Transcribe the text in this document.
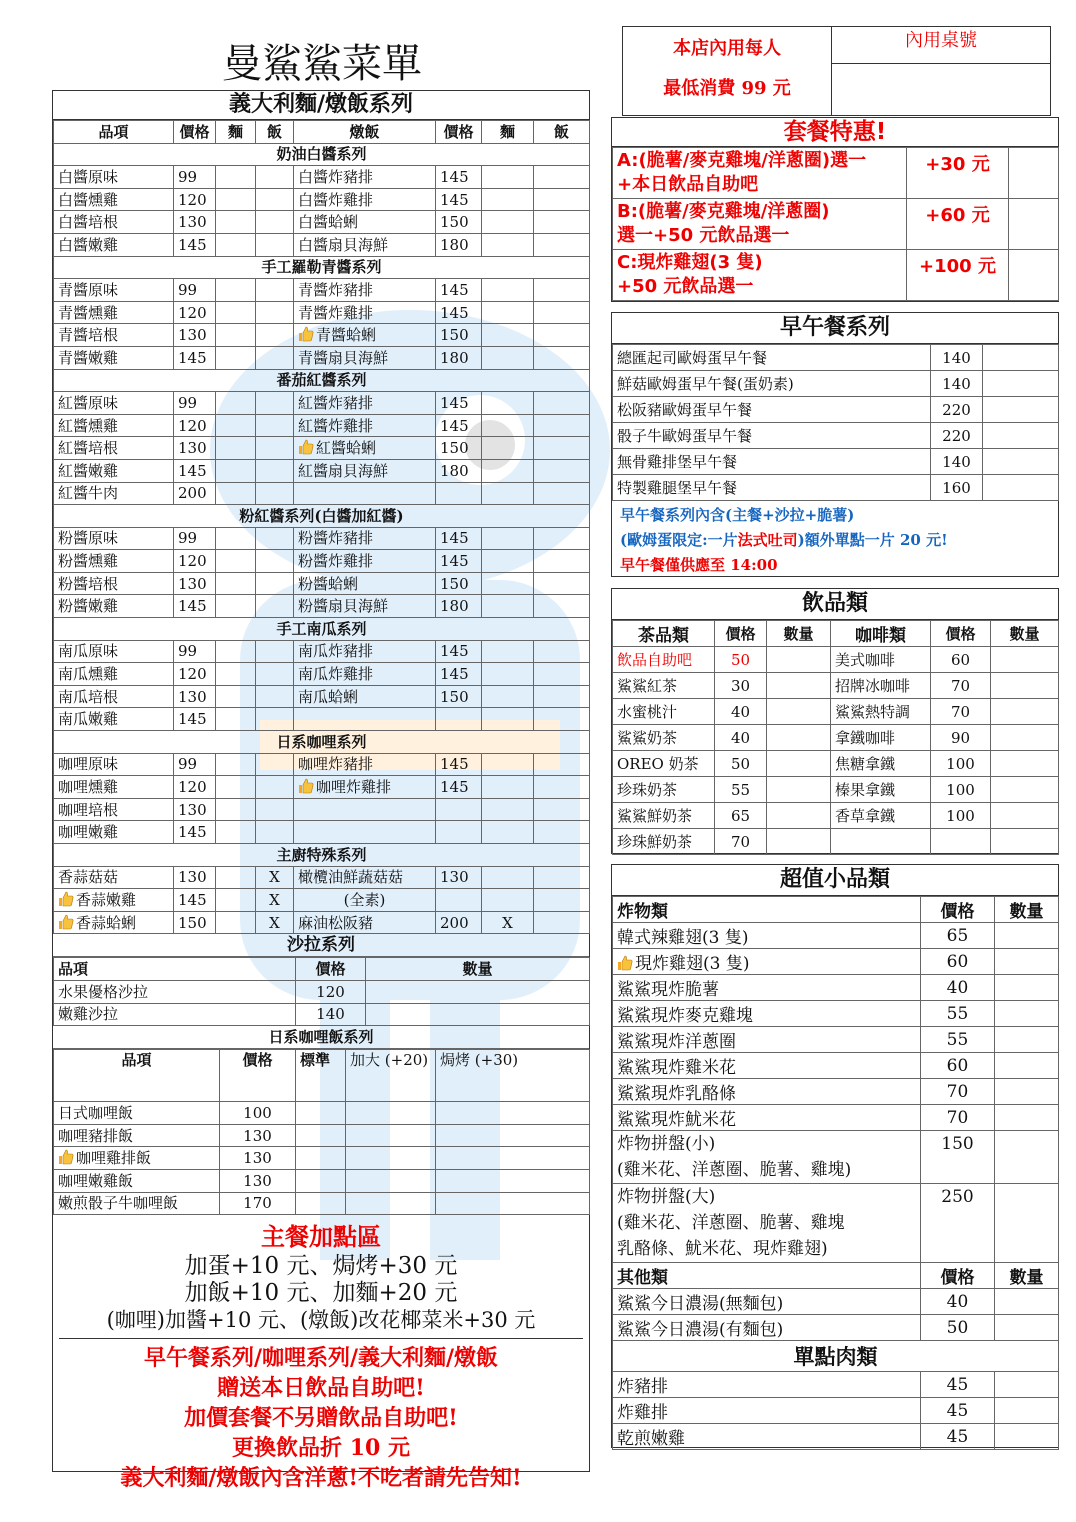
曼鯊鯊菜單	本店內用每人
最低消費 99 元
內用桌號
義大利麵/燉飯系列
品項	價格	麵	飯	燉飯	價格	麵	飯
奶油白醬系列							
白醬原味	99			白醬炸豬排	145		
白醬燻雞	120			白醬炸雞排	145		
白醬培根	130			白醬蛤蜊	150		
白醬嫩雞	145			白醬扇貝海鮮	180		
手工羅勒青醬系列							
青醬原味	99			青醬炸豬排	145		
青醬燻雞	120			青醬炸雞排	145		
青醬培根	130			青醬蛤蜊	150		
青醬嫩雞	145			青醬扇貝海鮮	180		
番茄紅醬系列							
紅醬原味	99			紅醬炸豬排	145		
紅醬燻雞	120			紅醬炸雞排	145		
紅醬培根	130			紅醬蛤蜊	150		
紅醬嫩雞	145			紅醬扇貝海鮮	180		
紅醬牛肉	200						
粉紅醬系列(白醬加紅醬)							
粉醬原味	99			粉醬炸豬排	145		
粉醬燻雞	120			粉醬炸雞排	145		
粉醬培根	130			粉醬蛤蜊	150		
粉醬嫩雞	145			粉醬扇貝海鮮	180		
手工南瓜系列							
南瓜原味	99			南瓜炸豬排	145		
南瓜燻雞	120			南瓜炸雞排	145		
南瓜培根	130			南瓜蛤蜊	150		
南瓜嫩雞	145						
日系咖哩系列							
咖哩原味	99			咖哩炸豬排	145		
咖哩燻雞	120			咖哩炸雞排	145		
咖哩培根	130						
咖哩嫩雞	145						
主廚特殊系列							
香蒜菇菇	130		X	橄欖油鮮蔬菇菇	130		
香蒜嫩雞	145		X	(全素)			
香蒜蛤蜊	150		X	麻油松阪豬	200	X	
沙拉系列
品項	價格	數量
水果優格沙拉	120	
嫩雞沙拉	140	
日系咖哩飯系列
品項	價格	標準	加大 (+20)	焗烤 (+30)
日式咖哩飯	100			
咖哩豬排飯	130			
咖哩雞排飯	130			
咖哩嫩雞飯	130			
嫩煎骰子牛咖哩飯	170			
主餐加點區
加蛋+10 元、焗烤+30 元
加飯+10 元、加麵+20 元
(咖哩)加醬+10 元、(燉飯)改花椰菜米+30 元
早午餐系列/咖哩系列/義大利麵/燉飯
贈送本日飲品自助吧!
加價套餐不另贈飲品自助吧!
更換飲品折 10 元
義大利麵/燉飯內含洋蔥!不吃者請先告知!
套餐特惠!
A:(脆薯/麥克雞塊/洋蔥圈)選一
+本日飲品自助吧	+30 元	

B:(脆薯/麥克雞塊/洋蔥圈)
選一+50 元飲品選一	+60 元	

C:現炸雞翅(3 隻)
+50 元飲品選一	+100 元	
早午餐系列
總匯起司歐姆蛋早午餐	140	
鮮菇歐姆蛋早午餐(蛋奶素)	140	
松阪豬歐姆蛋早午餐	220	
骰子牛歐姆蛋早午餐	220	
無骨雞排堡早午餐	140	
特製雞腿堡早午餐	160	
早午餐系列內含(主餐+沙拉+脆薯)
(歐姆蛋限定:一片法式吐司)額外單點一片 20 元!
早午餐僅供應至 14:00
飲品類
茶品類	價格	數量	咖啡類	價格	數量
飲品自助吧	50		美式咖啡	60	
鯊鯊紅茶	30		招牌冰咖啡	70	
水蜜桃汁	40		鯊鯊熱特調	70	
鯊鯊奶茶	40		拿鐵咖啡	90	
OREO 奶茶	50		焦糖拿鐵	100	
珍珠奶茶	55		榛果拿鐵	100	
鯊鯊鮮奶茶	65		香草拿鐵	100	
珍珠鮮奶茶	70				
超值小品類
炸物類	價格	數量
韓式辣雞翅(3 隻)	65	
現炸雞翅(3 隻)	60	
鯊鯊現炸脆薯	40	
鯊鯊現炸麥克雞塊	55	
鯊鯊現炸洋蔥圈	55	
鯊鯊現炸雞米花	60	
鯊鯊現炸乳酪條	70	
鯊鯊現炸魷米花	70	

炸物拼盤(小)
(雞米花、洋蔥圈、脆薯、雞塊)	150	

炸物拼盤(大)
(雞米花、洋蔥圈、脆薯、雞塊
乳酪條、魷米花、現炸雞翅)	250	
其他類	價格	數量
鯊鯊今日濃湯(無麵包)	40	
鯊鯊今日濃湯(有麵包)	50	
單點肉類		
炸豬排	45	
炸雞排	45	
乾煎嫩雞	45	
